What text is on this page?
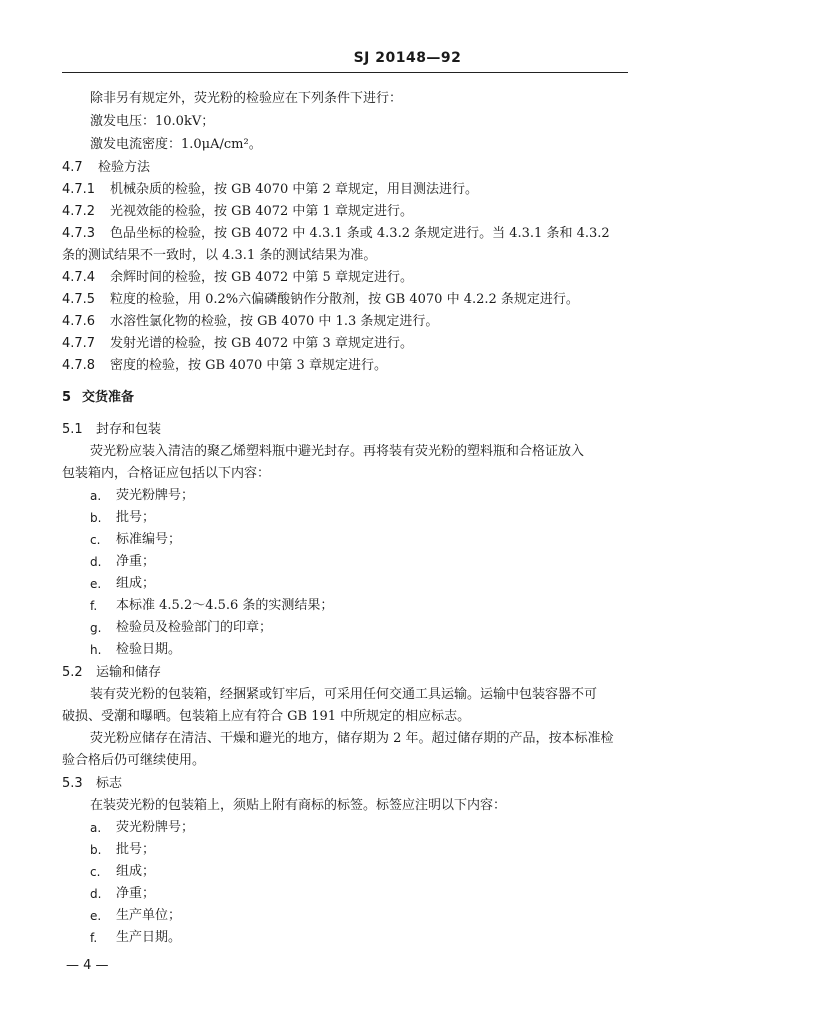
SJ 20148—92
除非另有规定外，荧光粉的检验应在下列条件下进行：
激发电压：10.0kV；
激发电流密度：1.0μA/cm²。
4.7 检验方法
4.7.1 机械杂质的检验，按 GB 4070 中第 2 章规定，用目测法进行。
4.7.2 光视效能的检验，按 GB 4072 中第 1 章规定进行。
4.7.3 色品坐标的检验，按 GB 4072 中 4.3.1 条或 4.3.2 条规定进行。当 4.3.1 条和 4.3.2
条的测试结果不一致时，以 4.3.1 条的测试结果为准。
4.7.4 余辉时间的检验，按 GB 4072 中第 5 章规定进行。
4.7.5 粒度的检验，用 0.2%六偏磷酸钠作分散剂，按 GB 4070 中 4.2.2 条规定进行。
4.7.6 水溶性氯化物的检验，按 GB 4070 中 1.3 条规定进行。
4.7.7 发射光谱的检验，按 GB 4072 中第 3 章规定进行。
4.7.8 密度的检验，按 GB 4070 中第 3 章规定进行。
5 交货准备
5.1 封存和包装
荧光粉应装入清洁的聚乙烯塑料瓶中避光封存。再将装有荧光粉的塑料瓶和合格证放入
包装箱内，合格证应包括以下内容：
a. 荧光粉牌号；
b. 批号；
c. 标准编号；
d. 净重；
e. 组成；
f. 本标准 4.5.2～4.5.6 条的实测结果；
g. 检验员及检验部门的印章；
h. 检验日期。
5.2 运输和储存
装有荧光粉的包装箱，经捆紧或钉牢后，可采用任何交通工具运输。运输中包装容器不可
破损、受潮和曝晒。包装箱上应有符合 GB 191 中所规定的相应标志。
荧光粉应储存在清洁、干燥和避光的地方，储存期为 2 年。超过储存期的产品，按本标准检
验合格后仍可继续使用。
5.3 标志
在装荧光粉的包装箱上，须贴上附有商标的标签。标签应注明以下内容：
a. 荧光粉牌号；
b. 批号；
c. 组成；
d. 净重；
e. 生产单位；
f. 生产日期。
— 4 —
